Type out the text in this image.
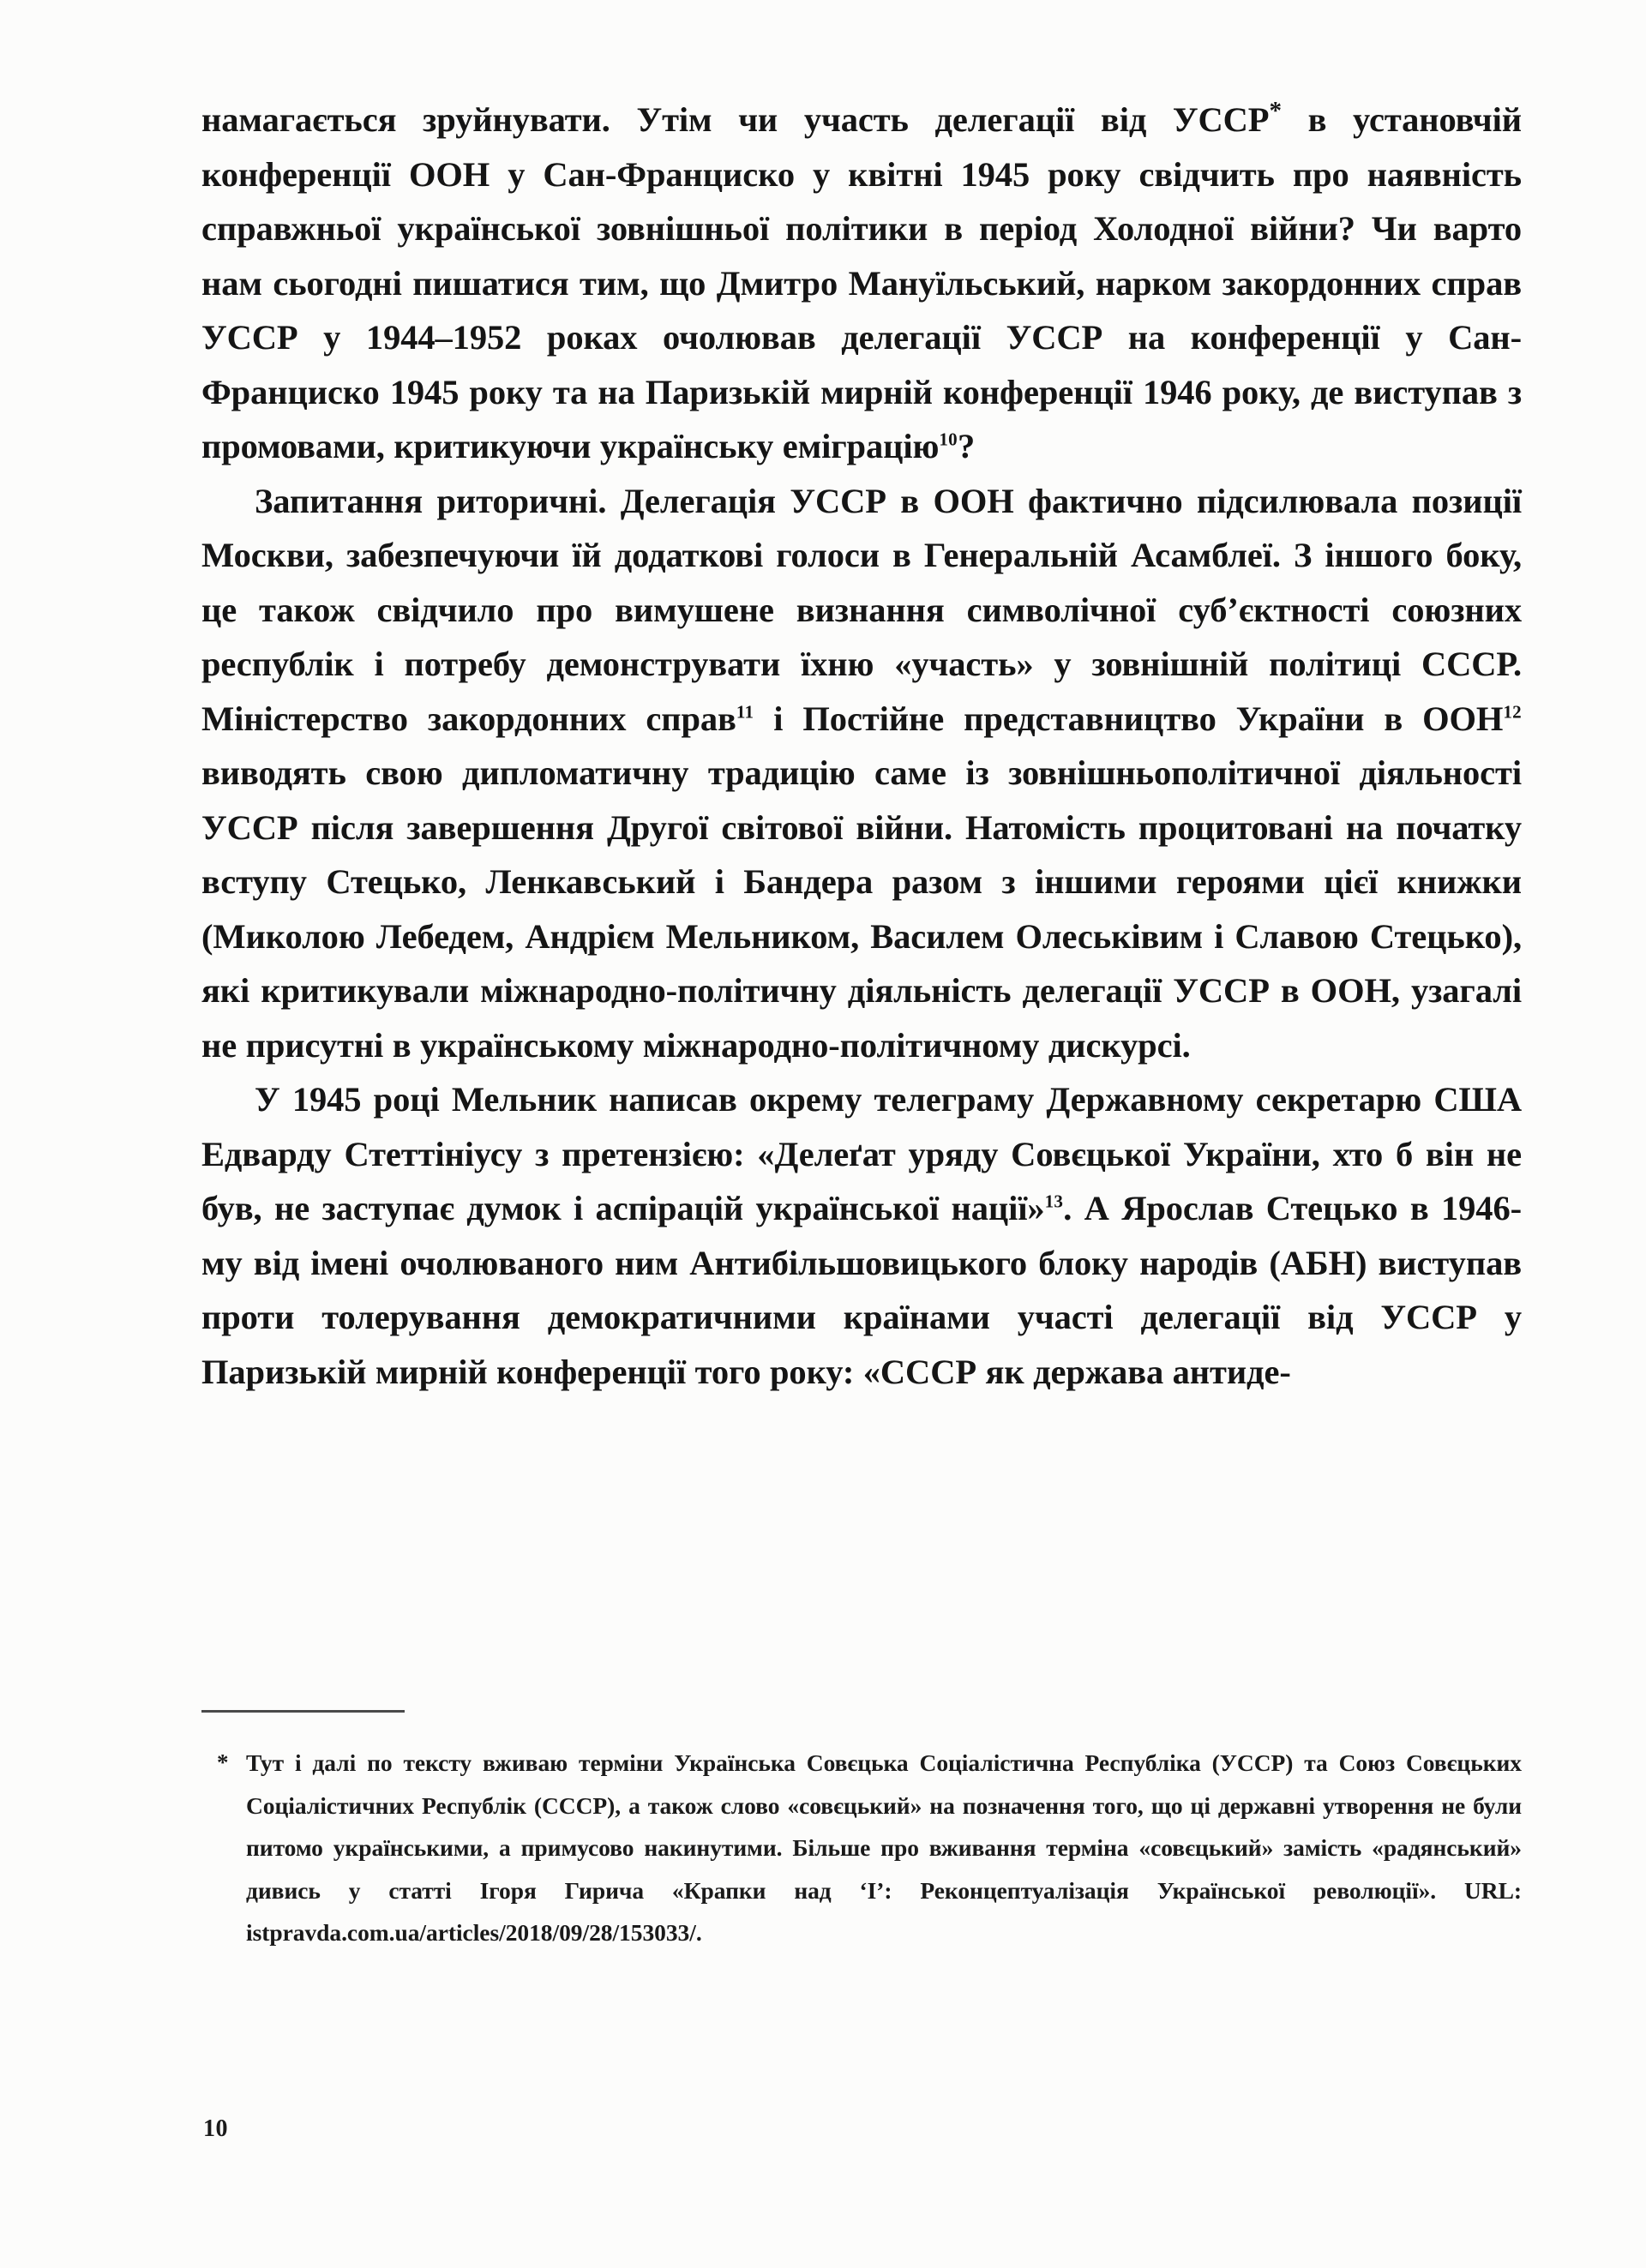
намагається зруйнувати. Утім чи участь делегації від УССР* в установчій конференції ООН у Сан-Франциско у квітні 1945 року свідчить про наявність справжньої української зовнішньої політики в період Холодної війни? Чи варто нам сьогодні пишатися тим, що Дмитро Мануїльський, нарком закордонних справ УССР у 1944–1952 роках очолював делегації УССР на конференції у Сан-Франциско 1945 року та на Паризькій мирній конференції 1946 року, де виступав з промовами, критикуючи українську еміграцію$^{10}$?

Запитання риторичні. Делегація УССР в ООН фактично підсилювала позиції Москви, забезпечуючи їй додаткові голоси в Генеральній Асамблеї. З іншого боку, це також свідчило про вимушене визнання символічної суб’єктності союзних республік і потребу демонструвати їхню «участь» у зовнішній політиці СССР. Міністерство закордонних справ$^{11}$ і Постійне представництво України в ООН$^{12}$ виводять свою дипломатичну традицію саме із зовнішньополітичної діяльності УССР після завершення Другої світової війни. Натомість процитовані на початку вступу Стецько, Ленкавський і Бандера разом з іншими героями цієї книжки (Миколою Лебедем, Андрієм Мельником, Василем Олеськівим і Славою Стецько), які критикували міжнародно-політичну діяльність делегації УССР в ООН, узагалі не присутні в українському міжнародно-політичному дискурсі.

У 1945 році Мельник написав окрему телеграму Державному секретарю США Едварду Стеттініусу з претензією: «Делеґат уряду Совєцької України, хто б він не був, не заступає думок і аспірацій української нації»$^{13}$. А Ярослав Стецько в 1946-му від імені очолюваного ним Антибільшовицького блоку народів (АБН) виступав проти толерування демократичними країнами участі делегації від УССР у Паризькій мирній конференції того року: «СССР як держава антиде-

* Тут і далі по тексту вживаю терміни Українська Совєцька Соціалістична Республіка (УССР) та Союз Совєцьких Соціалістичних Республік (СССР), а також слово «совєцький» на позначення того, що ці державні утворення не були питомо українськими, а примусово накинутими. Більше про вживання терміна «совєцький» замість «радянський» дивись у статті Ігоря Гирича «Крапки над ‘І’: Реконцептуалізація Української революції». URL: istpravda.com.ua/articles/2018/09/28/153033/.
10
